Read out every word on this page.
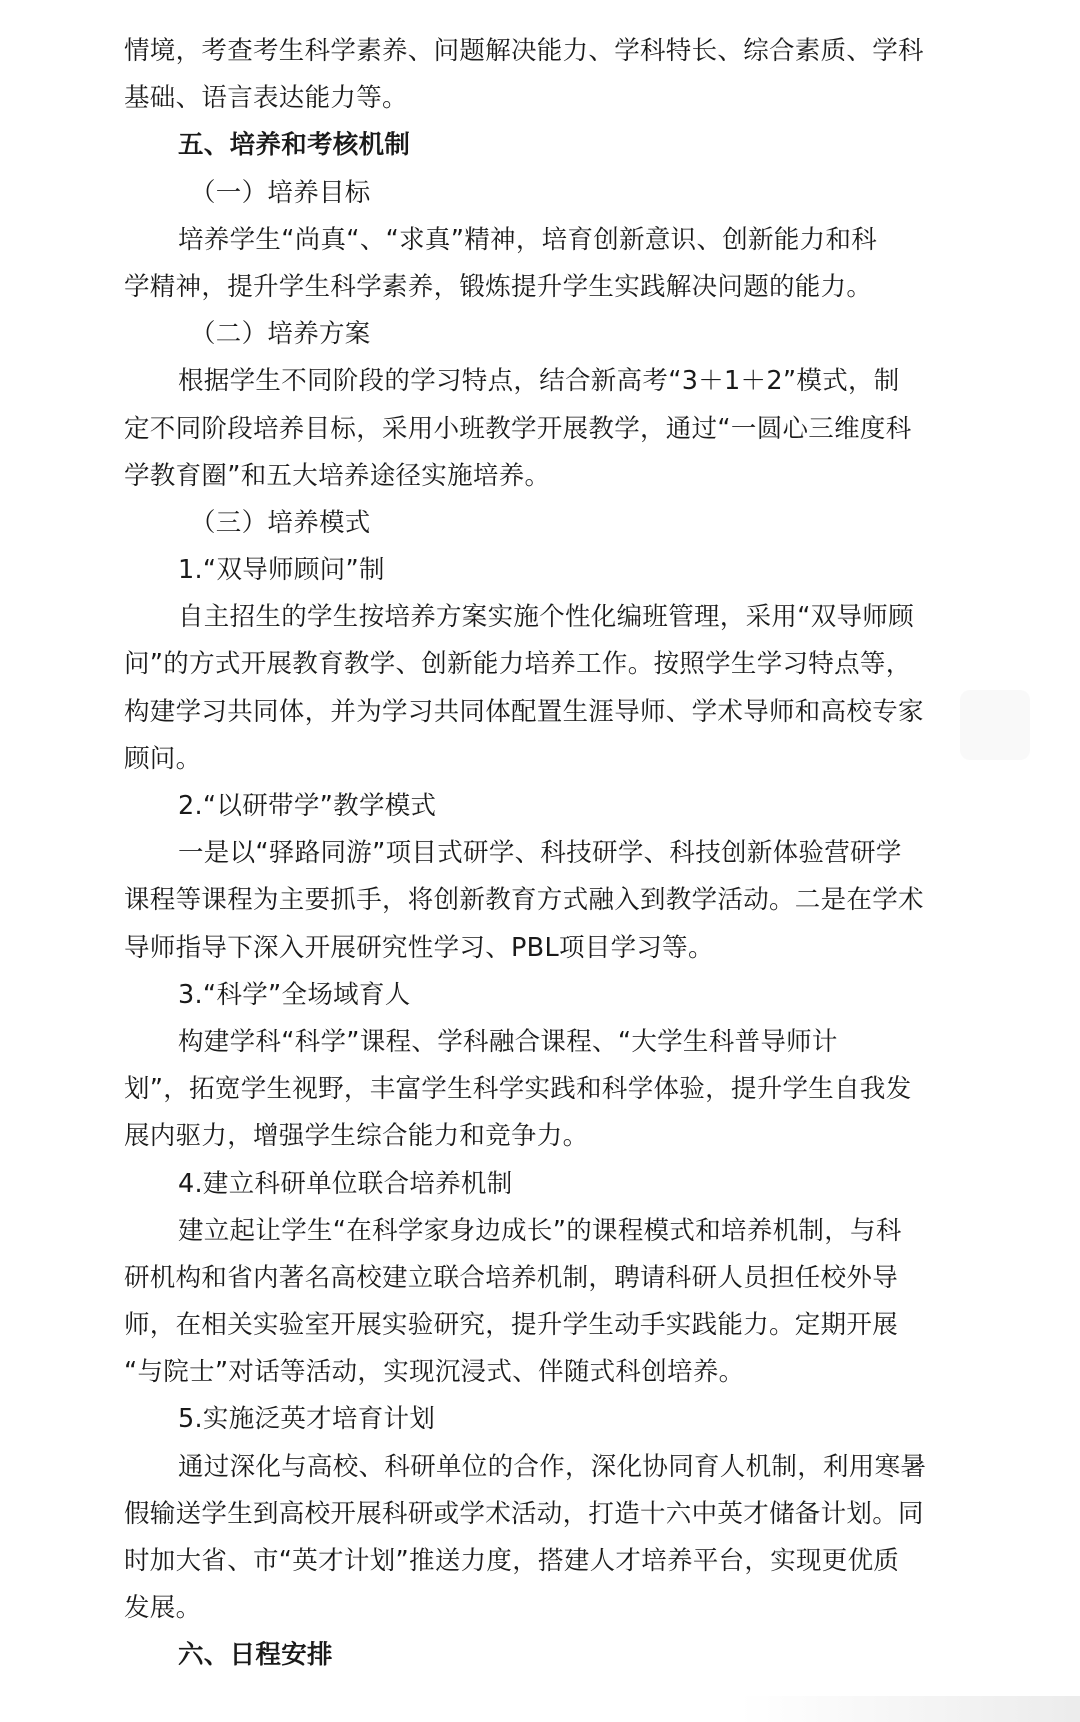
情境，考查考生科学素养、问题解决能力、学科特长、综合素质、学科
基础、语言表达能力等。
五、培养和考核机制
（一）培养目标
培养学生“尚真“、“求真”精神，培育创新意识、创新能力和科
学精神，提升学生科学素养，锻炼提升学生实践解决问题的能力。
（二）培养方案
根据学生不同阶段的学习特点，结合新高考“3＋1＋2”模式，制
定不同阶段培养目标，采用小班教学开展教学，通过“一圆心三维度科
学教育圈”和五大培养途径实施培养。
（三）培养模式
1.“双导师顾问”制
自主招生的学生按培养方案实施个性化编班管理，采用“双导师顾
问”的方式开展教育教学、创新能力培养工作。按照学生学习特点等，
构建学习共同体，并为学习共同体配置生涯导师、学术导师和高校专家
顾问。
2.“以研带学”教学模式
一是以“驿路同游”项目式研学、科技研学、科技创新体验营研学
课程等课程为主要抓手，将创新教育方式融入到教学活动。二是在学术
导师指导下深入开展研究性学习、PBL项目学习等。
3.“科学”全场域育人
构建学科“科学”课程、学科融合课程、“大学生科普导师计
划”，拓宽学生视野，丰富学生科学实践和科学体验，提升学生自我发
展内驱力，增强学生综合能力和竞争力。
4.建立科研单位联合培养机制
建立起让学生“在科学家身边成长”的课程模式和培养机制，与科
研机构和省内著名高校建立联合培养机制，聘请科研人员担任校外导
师，在相关实验室开展实验研究，提升学生动手实践能力。定期开展
“与院士”对话等活动，实现沉浸式、伴随式科创培养。
5.实施泛英才培育计划
通过深化与高校、科研单位的合作，深化协同育人机制，利用寒暑
假输送学生到高校开展科研或学术活动，打造十六中英才储备计划。同
时加大省、市“英才计划”推送力度，搭建人才培养平台，实现更优质
发展。
六、日程安排
